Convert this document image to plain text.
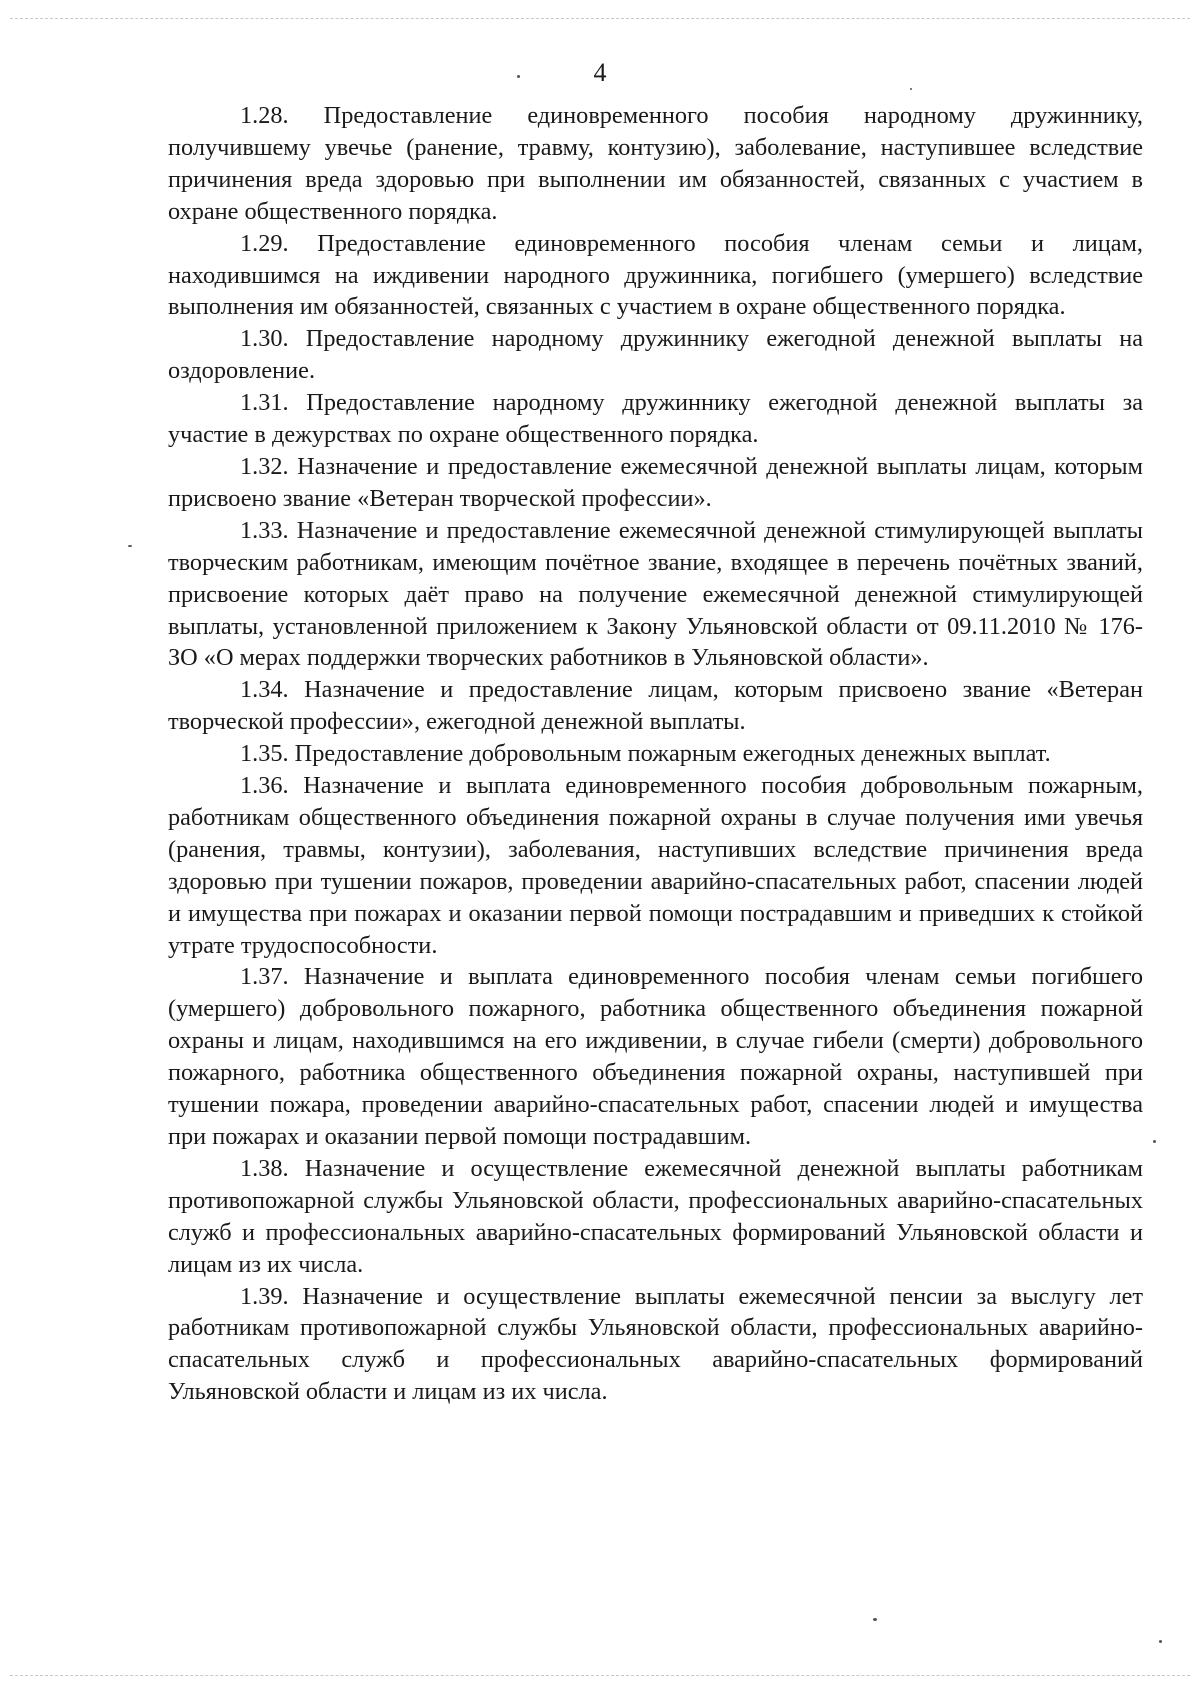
4

1.28. Предоставление единовременного пособия народному дружиннику, получившему увечье (ранение, травму, контузию), заболевание, наступившее вследствие причинения вреда здоровью при выполнении им обязанностей, связанных с участием в охране общественного порядка.

1.29. Предоставление единовременного пособия членам семьи и лицам, находившимся на иждивении народного дружинника, погибшего (умершего) вследствие выполнения им обязанностей, связанных с участием в охране общественного порядка.

1.30. Предоставление народному дружиннику ежегодной денежной выплаты на оздоровление.

1.31. Предоставление народному дружиннику ежегодной денежной выплаты за участие в дежурствах по охране общественного порядка.

1.32. Назначение и предоставление ежемесячной денежной выплаты лицам, которым присвоено звание «Ветеран творческой профессии».

1.33. Назначение и предоставление ежемесячной денежной стимулирующей выплаты творческим работникам, имеющим почётное звание, входящее в перечень почётных званий, присвоение которых даёт право на получение ежемесячной денежной стимулирующей выплаты, установленной приложением к Закону Ульяновской области от 09.11.2010 № 176-ЗО «О мерах поддержки творческих работников в Ульяновской области».

1.34. Назначение и предоставление лицам, которым присвоено звание «Ветеран творческой профессии», ежегодной денежной выплаты.

1.35. Предоставление добровольным пожарным ежегодных денежных выплат.

1.36. Назначение и выплата единовременного пособия добровольным пожарным, работникам общественного объединения пожарной охраны в случае получения ими увечья (ранения, травмы, контузии), заболевания, наступивших вследствие причинения вреда здоровью при тушении пожаров, проведении аварийно-спасательных работ, спасении людей и имущества при пожарах и оказании первой помощи пострадавшим и приведших к стойкой утрате трудоспособности.

1.37. Назначение и выплата единовременного пособия членам семьи погибшего (умершего) добровольного пожарного, работника общественного объединения пожарной охраны и лицам, находившимся на его иждивении, в случае гибели (смерти) добровольного пожарного, работника общественного объединения пожарной охраны, наступившей при тушении пожара, проведении аварийно-спасательных работ, спасении людей и имущества при пожарах и оказании первой помощи пострадавшим.

1.38. Назначение и осуществление ежемесячной денежной выплаты работникам противопожарной службы Ульяновской области, профессиональных аварийно-спасательных служб и профессиональных аварийно-спасательных формирований Ульяновской области и лицам из их числа.

1.39. Назначение и осуществление выплаты ежемесячной пенсии за выслугу лет работникам противопожарной службы Ульяновской области, профессиональных аварийно-спасательных служб и профессиональных аварийно-спасательных формирований Ульяновской области и лицам из их числа.
